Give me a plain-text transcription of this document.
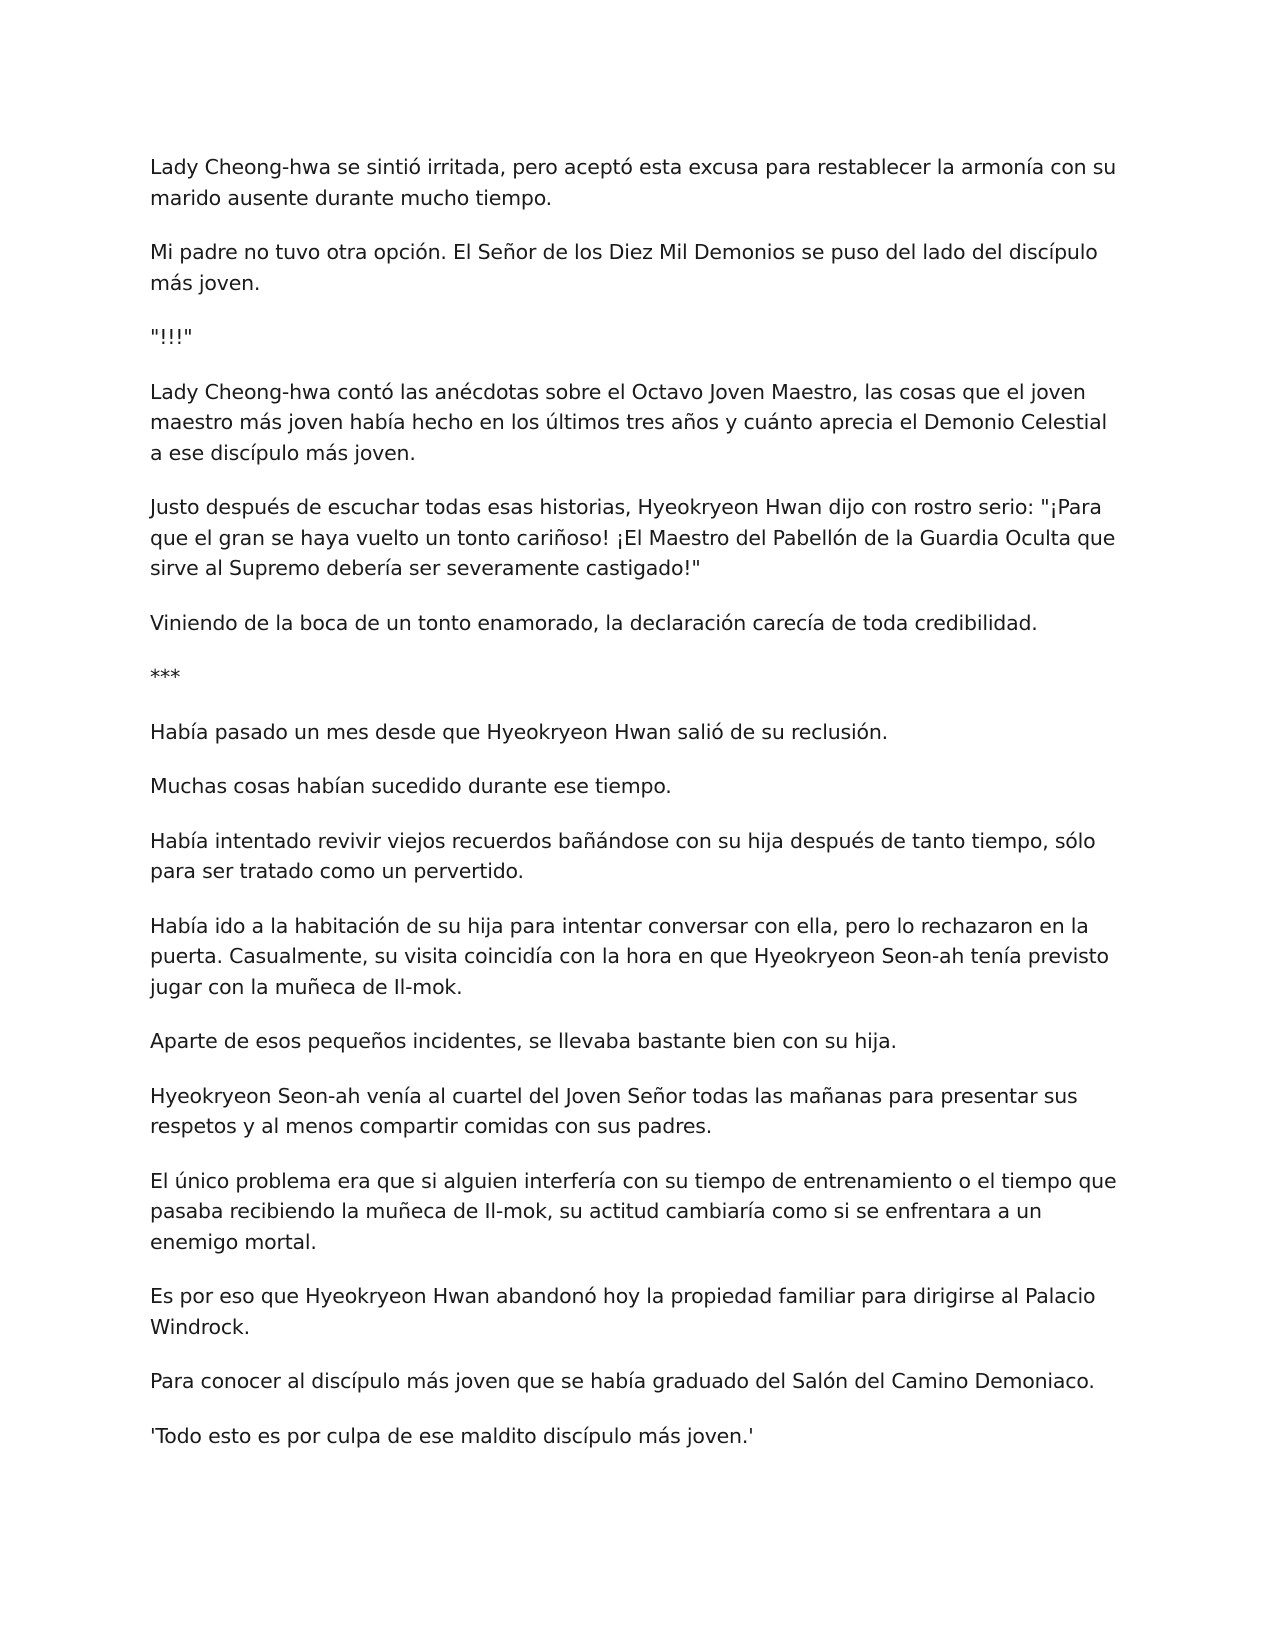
Lady Cheong-hwa se sintió irritada, pero aceptó esta excusa para restablecer la armonía con su marido ausente durante mucho tiempo.

Mi padre no tuvo otra opción. El Señor de los Diez Mil Demonios se puso del lado del discípulo más joven.

"!!!"

Lady Cheong-hwa contó las anécdotas sobre el Octavo Joven Maestro, las cosas que el joven maestro más joven había hecho en los últimos tres años y cuánto aprecia el Demonio Celestial a ese discípulo más joven.

Justo después de escuchar todas esas historias, Hyeokryeon Hwan dijo con rostro serio: "¡Para que el gran se haya vuelto un tonto cariñoso! ¡El Maestro del Pabellón de la Guardia Oculta que sirve al Supremo debería ser severamente castigado!"

Viniendo de la boca de un tonto enamorado, la declaración carecía de toda credibilidad.

***

Había pasado un mes desde que Hyeokryeon Hwan salió de su reclusión.

Muchas cosas habían sucedido durante ese tiempo.

Había intentado revivir viejos recuerdos bañándose con su hija después de tanto tiempo, sólo para ser tratado como un pervertido.

Había ido a la habitación de su hija para intentar conversar con ella, pero lo rechazaron en la puerta. Casualmente, su visita coincidía con la hora en que Hyeokryeon Seon-ah tenía previsto jugar con la muñeca de Il-mok.

Aparte de esos pequeños incidentes, se llevaba bastante bien con su hija.

Hyeokryeon Seon-ah venía al cuartel del Joven Señor todas las mañanas para presentar sus respetos y al menos compartir comidas con sus padres.

El único problema era que si alguien interfería con su tiempo de entrenamiento o el tiempo que pasaba recibiendo la muñeca de Il-mok, su actitud cambiaría como si se enfrentara a un enemigo mortal.

Es por eso que Hyeokryeon Hwan abandonó hoy la propiedad familiar para dirigirse al Palacio Windrock.

Para conocer al discípulo más joven que se había graduado del Salón del Camino Demoniaco.

'Todo esto es por culpa de ese maldito discípulo más joven.'
